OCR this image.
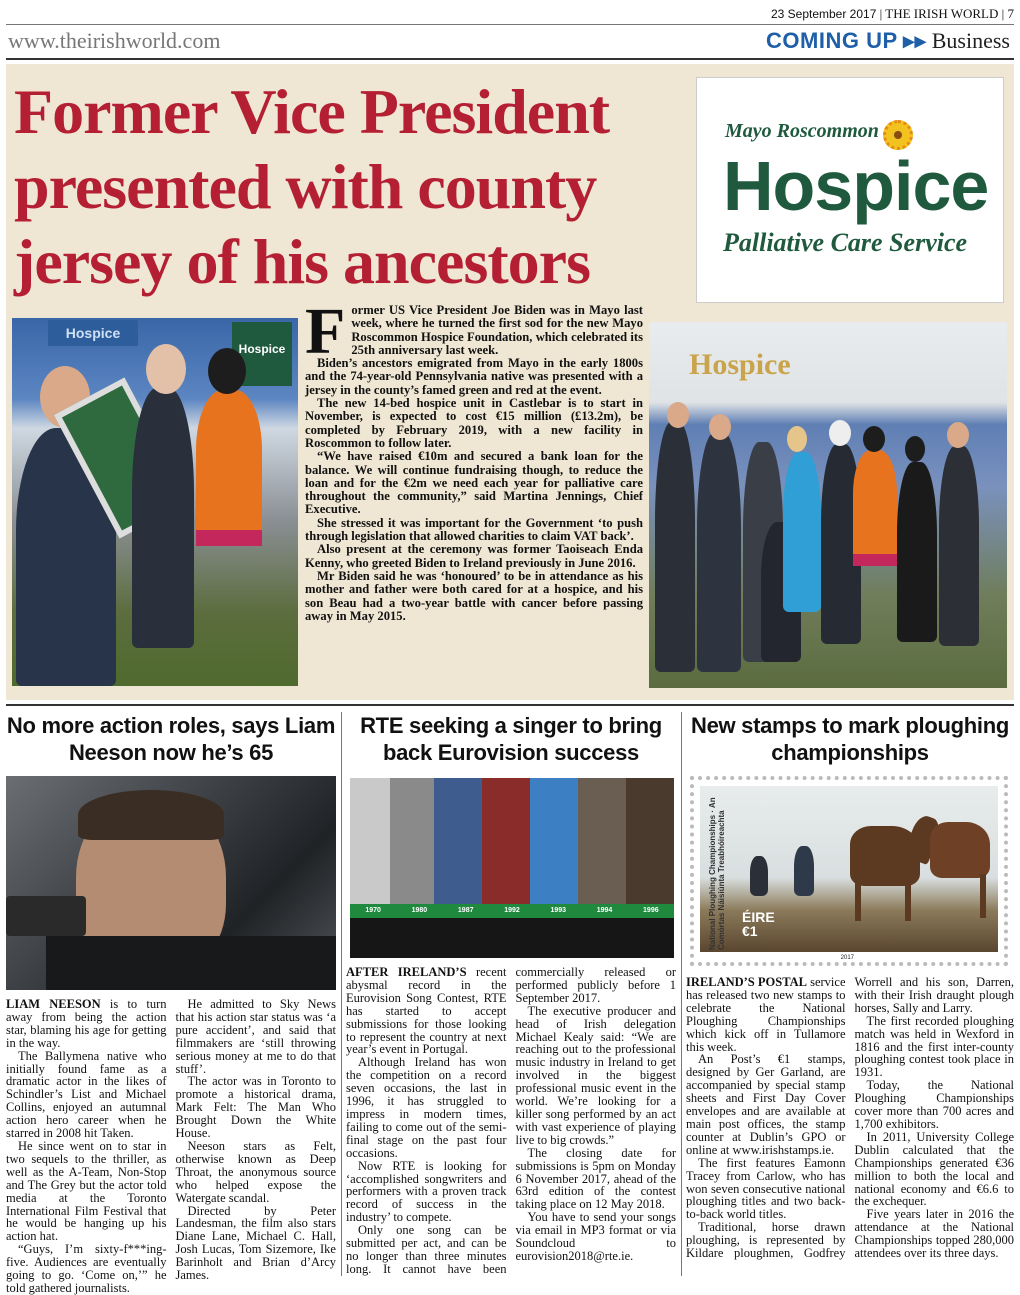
23 September 2017 | THE IRISH WORLD | 7
www.theirishworld.com	COMING UP ▸▸ Business
Former Vice President presented with county jersey of his ancestors
Mayo Roscommon
Hospice
Palliative Care Service
Hospice
Hospice Former US Vice President Joe Biden was in Mayo last week, where he turned the first sod for the new Mayo Roscommon Hospice Foundation, which celebrated its 25th anniversary last week.

Biden’s ancestors emigrated from Mayo in the early 1800s and the 74-year-old Pennsylvania native was presented with a jersey in the county’s famed green and red at the event.

The new 14-bed hospice unit in Castlebar is to start in November, is expected to cost €15 million (£13.2m), be completed by February 2019, with a new facility in Roscommon to follow later.

“We have raised €10m and secured a bank loan for the balance. We will continue fundraising though, to reduce the loan and for the €2m we need each year for palliative care throughout the community,” said Martina Jennings, Chief Executive.

She stressed it was important for the Government ‘to push through legislation that allowed charities to claim VAT back’.

Also present at the ceremony was former Taoiseach Enda Kenny, who greeted Biden to Ireland previously in June 2016.

Mr Biden said he was ‘honoured’ to be in attendance as his mother and father were both cared for at a hospice, and his son Beau had a two-year battle with cancer before passing away in May 2015.

Hospice
No more action roles, says Liam Neeson now he’s 65

LIAM NEESON is to turn away from being the action star, blaming his age for getting in the way.

The Ballymena native who initially found fame as a dramatic actor in the likes of Schindler’s List and Michael Collins, enjoyed an autumnal action hero career when he starred in 2008 hit Taken.

He since went on to star in two sequels to the thriller, as well as the A-Team, Non-Stop and The Grey but the actor told media at the Toronto International Film Festival that he would be hanging up his action hat.

“Guys, I’m sixty-f***ing-five. Audiences are eventually going to go. ‘Come on,’” he told gathered journalists.

He admitted to Sky News that his action star status was ‘a pure accident’, and said that filmmakers are ‘still throwing serious money at me to do that stuff’.

The actor was in Toronto to promote a historical drama, Mark Felt: The Man Who Brought Down the White House.

Neeson stars as Felt, otherwise known as Deep Throat, the anonymous source who helped expose the Watergate scandal.

Directed by Peter Landesman, the film also stars Diane Lane, Michael C. Hall, Josh Lucas, Tom Sizemore, Ike Barinholt and Brian d’Arcy James.

RTE seeking a singer to bring back Eurovision success
1970	1980	1987	1992	1993	1994	1996

AFTER IRELAND’S recent abysmal record in the Eurovision Song Contest, RTE has started to accept submissions for those looking to represent the country at next year’s event in Portugal.

Although Ireland has won the competition on a record seven occasions, the last in 1996, it has struggled to impress in modern times, failing to come out of the semi-final stage on the past four occasions.

Now RTE is looking for ‘accomplished songwriters and performers with a proven track record of success in the industry’ to compete.

Only one song can be submitted per act, and can be no longer than three minutes long. It cannot have been commercially released or performed publicly before 1 September 2017.

The executive producer and head of Irish delegation Michael Kealy said: “We are reaching out to the professional music industry in Ireland to get involved in the biggest professional music event in the world. We’re looking for a killer song performed by an act with vast experience of playing live to big crowds.”

The closing date for submissions is 5pm on Monday 6 November 2017, ahead of the 63rd edition of the contest taking place on 12 May 2018.

You have to send your songs via email in MP3 format or via Soundcloud to eurovision2018@rte.ie.

New stamps to mark ploughing championships
National Ploughing Championships · An Comórtas Náisiúnta Treabhóireachta	ÉIRE
€1
2017

IRELAND’S POSTAL service has released two new stamps to celebrate the National Ploughing Championships which kick off in Tullamore this week.

An Post’s €1 stamps, designed by Ger Garland, are accompanied by special stamp sheets and First Day Cover envelopes and are available at main post offices, the stamp counter at Dublin’s GPO or online at www.irishstamps.ie.

The first features Eamonn Tracey from Carlow, who has won seven consecutive national ploughing titles and two back-to-back world titles.

Traditional, horse drawn ploughing, is represented by Kildare ploughmen, Godfrey Worrell and his son, Darren, with their Irish draught plough horses, Sally and Larry.

The first recorded ploughing match was held in Wexford in 1816 and the first inter-county ploughing contest took place in 1931.

Today, the National Ploughing Championships cover more than 700 acres and 1,700 exhibitors.

In 2011, University College Dublin calculated that the Championships generated €36 million to both the local and national economy and €6.6 to the exchequer.

Five years later in 2016 the attendance at the National Championships topped 280,000 attendees over its three days.
